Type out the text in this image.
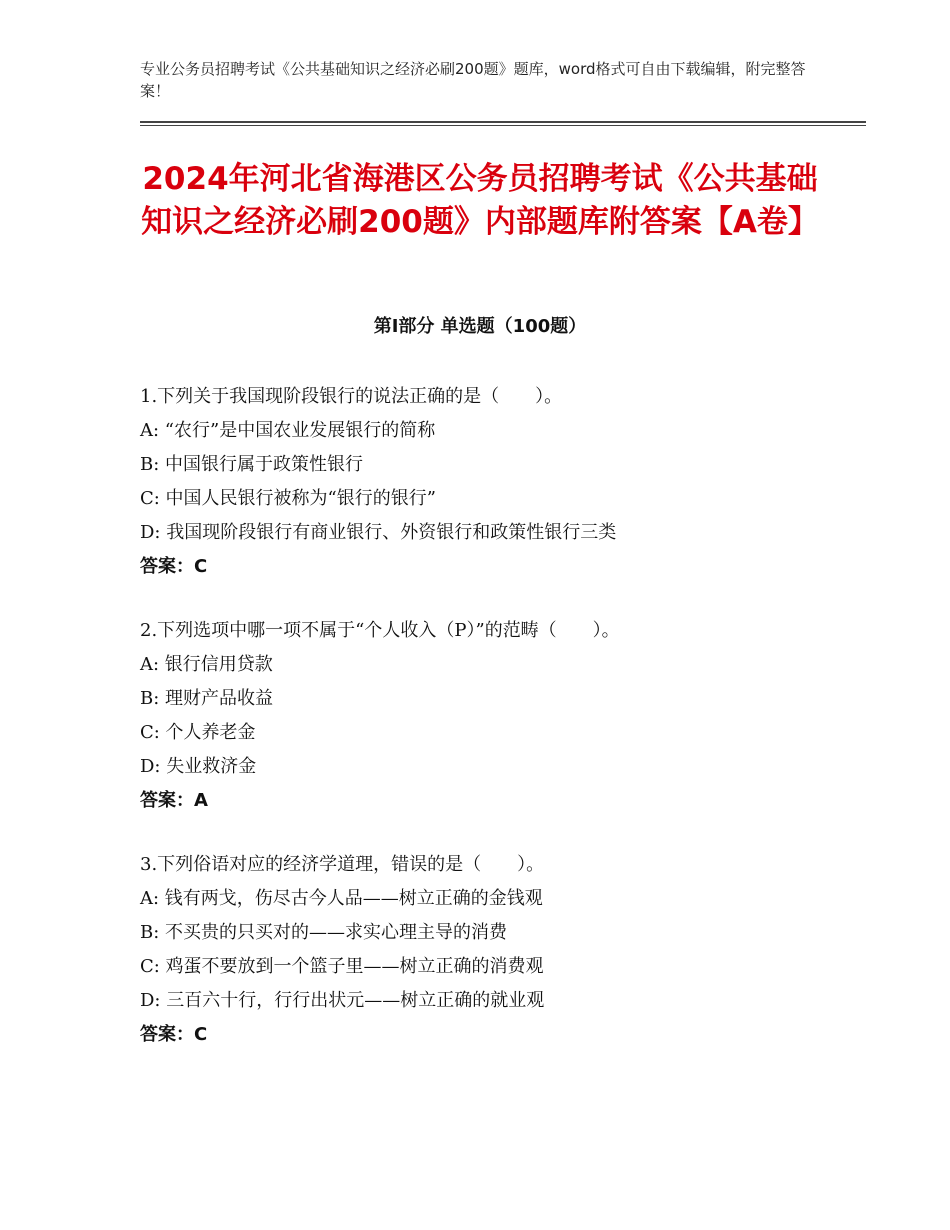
专业公务员招聘考试《公共基础知识之经济必刷200题》题库，word格式可自由下载编辑，附完整答案！
2024年河北省海港区公务员招聘考试《公共基础知识之经济必刷200题》内部题库附答案【A卷】
第Ⅰ部分 单选题（100题）
1.下列关于我国现阶段银行的说法正确的是（　　）。
A: “农行”是中国农业发展银行的简称
B: 中国银行属于政策性银行
C: 中国人民银行被称为“银行的银行”
D: 我国现阶段银行有商业银行、外资银行和政策性银行三类
答案：C
2.下列选项中哪一项不属于“个人收入（P）”的范畴（　　）。
A: 银行信用贷款
B: 理财产品收益
C: 个人养老金
D: 失业救济金
答案：A
3.下列俗语对应的经济学道理，错误的是（　　）。
A: 钱有两戈，伤尽古今人品——树立正确的金钱观
B: 不买贵的只买对的——求实心理主导的消费
C: 鸡蛋不要放到一个篮子里——树立正确的消费观
D: 三百六十行，行行出状元——树立正确的就业观
答案：C
